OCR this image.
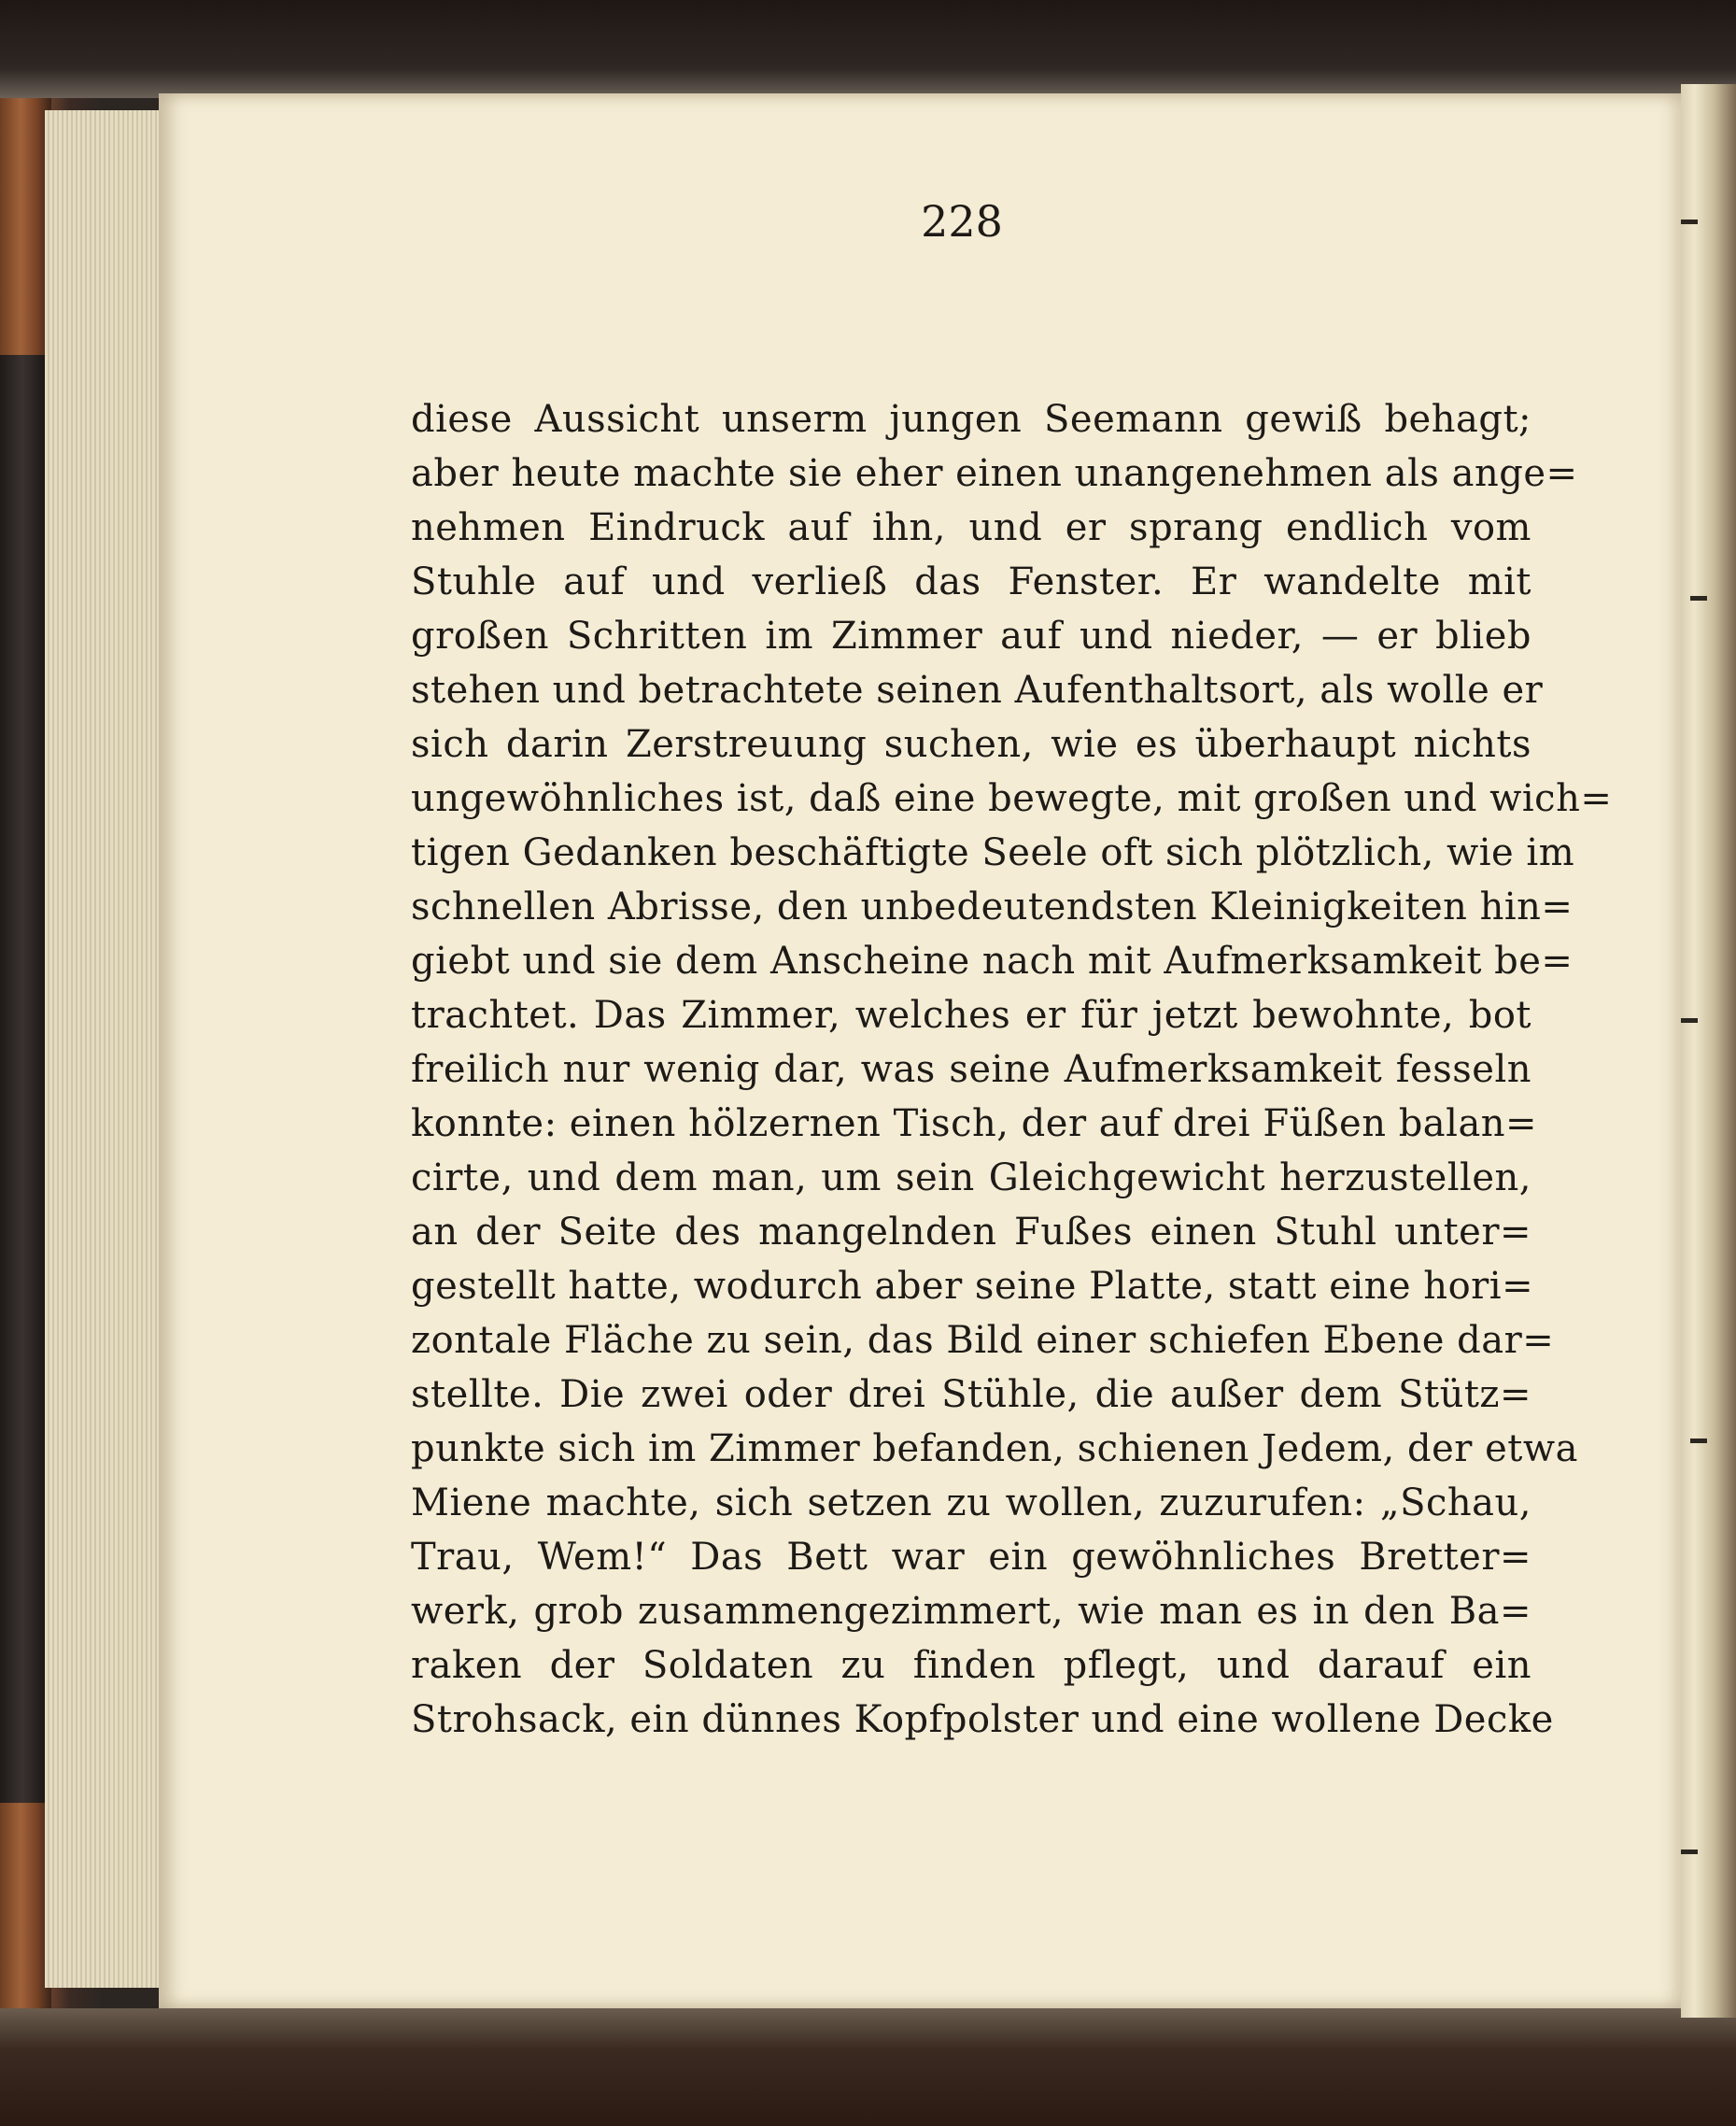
228
diese Aussicht unserm jungen Seemann gewiß behagt;
aber heute machte sie eher einen unangenehmen als ange=
nehmen Eindruck auf ihn, und er sprang endlich vom
Stuhle auf und verließ das Fenster. Er wandelte mit
großen Schritten im Zimmer auf und nieder, — er blieb
stehen und betrachtete seinen Aufenthaltsort, als wolle er
sich darin Zerstreuung suchen, wie es überhaupt nichts
ungewöhnliches ist, daß eine bewegte, mit großen und wich=
tigen Gedanken beschäftigte Seele oft sich plötzlich, wie im
schnellen Abrisse, den unbedeutendsten Kleinigkeiten hin=
giebt und sie dem Anscheine nach mit Aufmerksamkeit be=
trachtet. Das Zimmer, welches er für jetzt bewohnte, bot
freilich nur wenig dar, was seine Aufmerksamkeit fesseln
konnte: einen hölzernen Tisch, der auf drei Füßen balan=
cirte, und dem man, um sein Gleichgewicht herzustellen,
an der Seite des mangelnden Fußes einen Stuhl unter=
gestellt hatte, wodurch aber seine Platte, statt eine hori=
zontale Fläche zu sein, das Bild einer schiefen Ebene dar=
stellte. Die zwei oder drei Stühle, die außer dem Stütz=
punkte sich im Zimmer befanden, schienen Jedem, der etwa
Miene machte, sich setzen zu wollen, zuzurufen: „Schau,
Trau, Wem!“ Das Bett war ein gewöhnliches Bretter=
werk, grob zusammengezimmert, wie man es in den Ba=
raken der Soldaten zu finden pflegt, und darauf ein
Strohsack, ein dünnes Kopfpolster und eine wollene Decke
